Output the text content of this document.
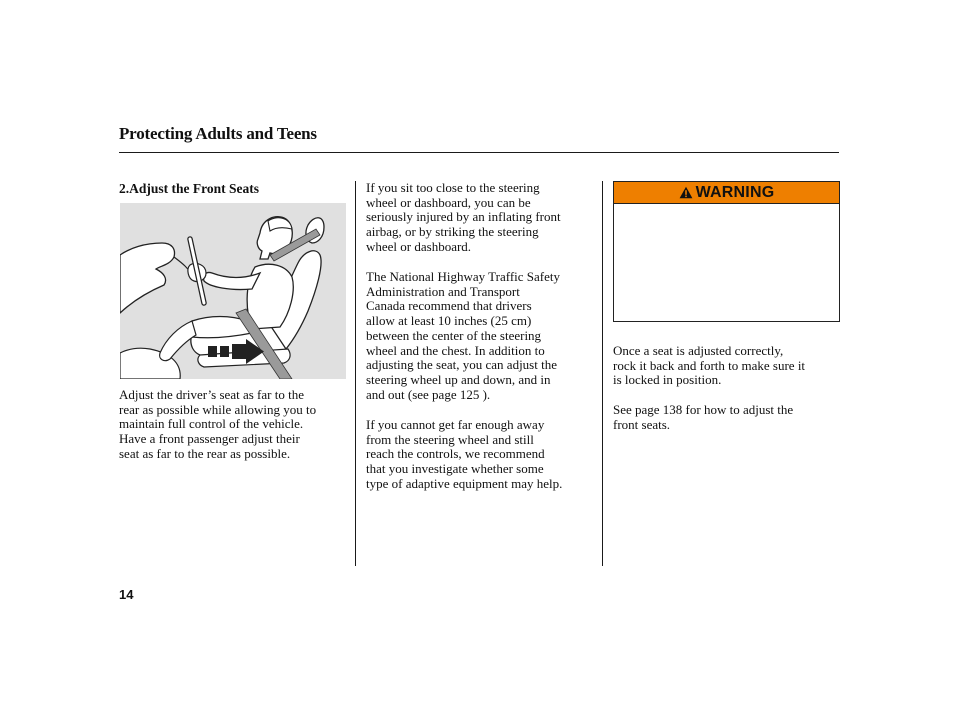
Protecting Adults and Teens
2.Adjust the Front Seats

Adjust the driver’s seat as far to the
rear as possible while allowing you to
maintain full control of the vehicle.
Have a front passenger adjust their
seat as far to the rear as possible.

If you sit too close to the steering
wheel or dashboard, you can be
seriously injured by an inflating front
airbag, or by striking the steering
wheel or dashboard.

The National Highway Traffic Safety
Administration and Transport
Canada recommend that drivers
allow at least 10 inches (25 cm)
between the center of the steering
wheel and the chest. In addition to
adjusting the seat, you can adjust the
steering wheel up and down, and in
and out (see page 125 ).

If you cannot get far enough away
from the steering wheel and still
reach the controls, we recommend
that you investigate whether some
type of adaptive equipment may help.

WARNING

Once a seat is adjusted correctly,
rock it back and forth to make sure it
is locked in position.

See page 138 for how to adjust the
front seats.

14
